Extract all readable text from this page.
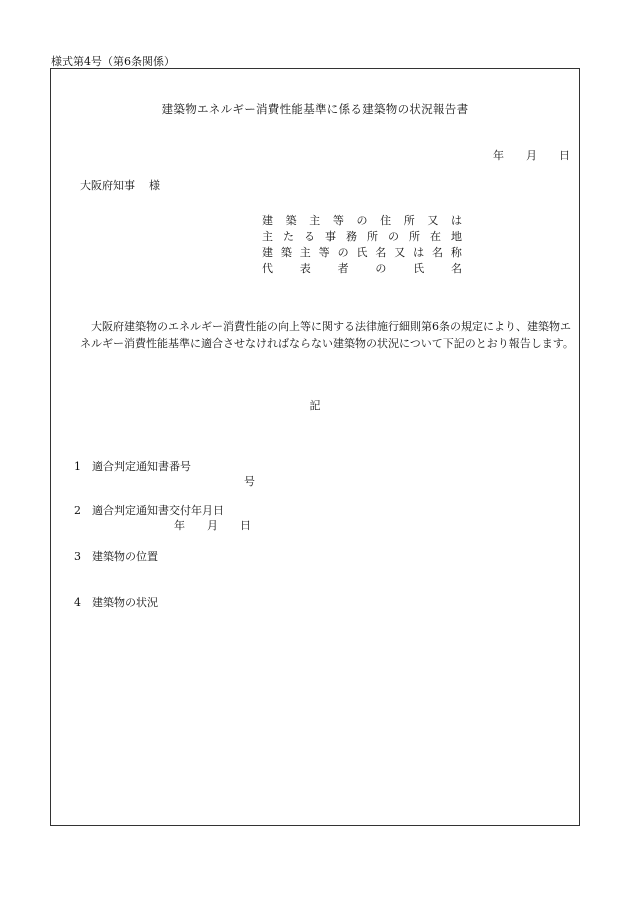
様式第4号（第6条関係）
建築物エネルギー消費性能基準に係る建築物の状況報告書
年 月 日
大阪府知事 様
建 築 主 等 の 住 所 又 は
主 た る 事 務 所 の 所 在 地
建 築 主 等 の 氏 名 又 は 名 称
代 表 者 の 氏 名
大阪府建築物のエネルギー消費性能の向上等に関する法律施行細則第6条の規定により、建築物エネルギー消費性能基準に適合させなければならない建築物の状況について下記のとおり報告します。
記
1 適合判定通知書番号
号
2 適合判定通知書交付年月日
年 月 日
3 建築物の位置
4 建築物の状況
